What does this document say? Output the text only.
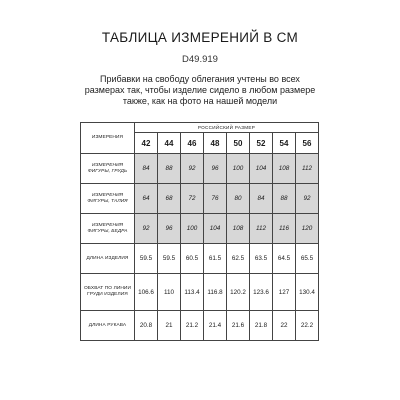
ТАБЛИЦА ИЗМЕРЕНИЙ В СМ
D49.919
Прибавки на свободу облегания учтены во всех размерах так, чтобы изделие сидело в любом размере также, как на фото на нашей модели
ИЗМЕРЕНИЯ	РОССИЙСКИЙ РАЗМЕР							
	42	44	46	48	50	52	54	56
ИЗМЕРЕНИЯ ФИГУРЫ, ГРУДЬ	84	88	92	96	100	104	108	112
ИЗМЕРЕНИЯ ФИГУРЫ, ТАЛИЯ	64	68	72	76	80	84	88	92
ИЗМЕРЕНИЯ ФИГУРЫ, БЕДРА	92	96	100	104	108	112	116	120
ДЛИНА ИЗДЕЛИЯ	59.5	59.5	60.5	61.5	62.5	63.5	64.5	65.5
ОБХВАТ ПО ЛИНИИ ГРУДИ ИЗДЕЛИЯ	106.6	110	113.4	116.8	120.2	123.6	127	130.4
ДЛИНА РУКАВА	20.8	21	21.2	21.4	21.6	21.8	22	22.2
